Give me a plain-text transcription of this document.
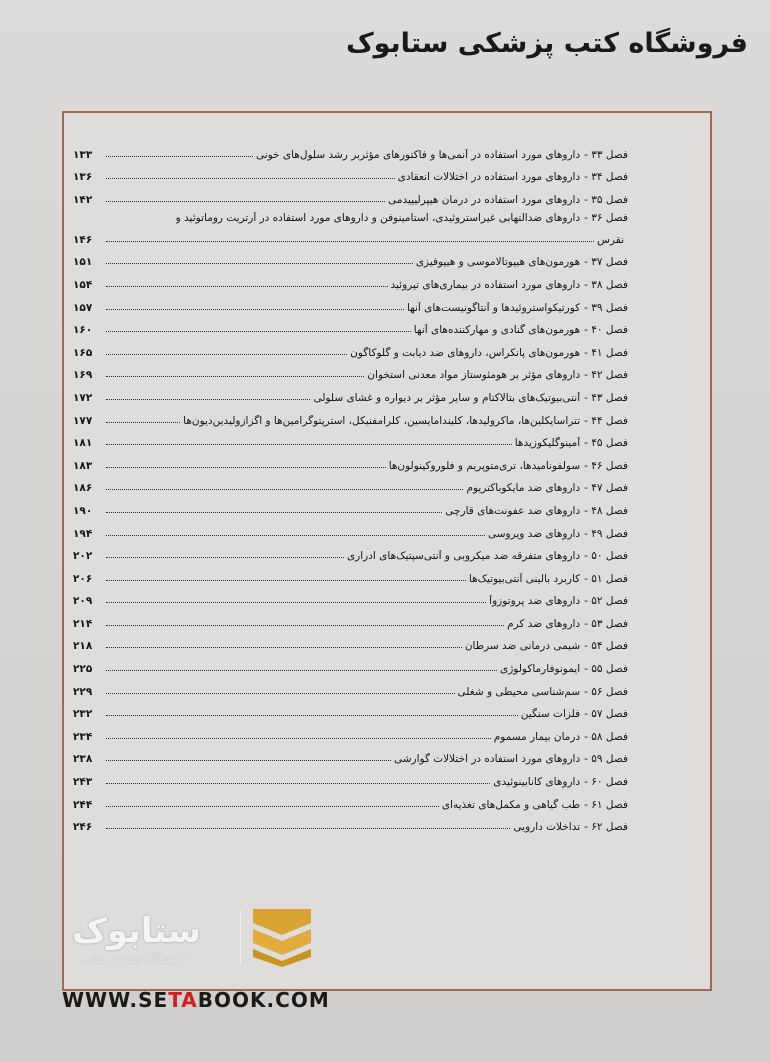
فروشگاه کتب پزشکی ستابوک
فصل ۳۳ -
داروهای مورد استفاده در آنمی‌ها و فاکتورهای مؤثربر رشد سلول‌های خونی
۱۳۳
فصل ۳۴ -
داروهای مورد استفاده در اختلالات انعقادی
۱۳۶
فصل ۳۵ -
داروهای مورد استفاده در درمان هیپرلیپیدمی
۱۴۲
فصل ۳۶ -
داروهای ضدالتهابی غیراستروئیدی، استامینوفن و داروهای مورد استفاده در آرتریت روماتوئید و
نقرس
۱۴۶
فصل ۳۷ -
هورمون‌های هیپوتالاموسی و هیپوفیزی
۱۵۱
فصل ۳۸ -
داروهای مورد استفاده در بیماری‌های تیروئید
۱۵۴
فصل ۳۹ -
کورتیکواستروئیدها و آنتاگونیست‌های آنها
۱۵۷
فصل ۴۰ -
هورمون‌های گنادی و مهارکننده‌های آنها
۱۶۰
فصل ۴۱ -
هورمون‌های پانکراس، داروهای ضد دیابت و گلوکاگون
۱۶۵
فصل ۴۲ -
داروهای مؤثر بر هومئوستاز مواد معدنی استخوان
۱۶۹
فصل ۴۳ -
آنتی‌بیوتیک‌های بتالاکتام و سایر مؤثر بر دیواره و غشای سلولی
۱۷۲
فصل ۴۴ -
تتراسایکلین‌ها، ماکرولیدها، کلیندامایسین، کلرامفنیکل، استرپتوگرامین‌ها و اگزازولیدین‌دیون‌ها
۱۷۷
فصل ۴۵ -
آمینوگلیکوزیدها
۱۸۱
فصل ۴۶ -
سولفونامیدها، تری‌متوپریم و فلوروکینولون‌ها
۱۸۳
فصل ۴۷ -
داروهای ضد مایکوباکتریوم
۱۸۶
فصل ۴۸ -
داروهای ضد عفونت‌های قارچی
۱۹۰
فصل ۴۹ -
داروهای ضد ویروسی
۱۹۴
فصل ۵۰ -
داروهای متفرقه ضد میکروبی و آنتی‌سپتیک‌های ادراری
۲۰۲
فصل ۵۱ -
کاربرد بالینی آنتی‌بیوتیک‌ها
۲۰۶
فصل ۵۲ -
داروهای ضد پروتوزوآ
۲۰۹
فصل ۵۳ -
داروهای ضد کرم
۲۱۴
فصل ۵۴ -
شیمی درمانی ضد سرطان
۲۱۸
فصل ۵۵ -
ایمونوفارماکولوژی
۲۲۵
فصل ۵۶ -
سم‌شناسی محیطی و شغلی
۲۲۹
فصل ۵۷ -
فلزات سنگین
۲۳۲
فصل ۵۸ -
درمان بیمار مسموم
۲۳۴
فصل ۵۹ -
داروهای مورد استفاده در اختلالات گوارشی
۲۳۸
فصل ۶۰ -
داروهای کانابینوئیدی
۲۴۳
فصل ۶۱ -
طب گیاهی و مکمل‌های تغذیه‌ای
۲۴۴
فصل ۶۲ -
تداخلات دارویی
۲۴۶
ستابوک
فروشگاه اینترنتی کتاب
WWW.SETABOOK.COM
